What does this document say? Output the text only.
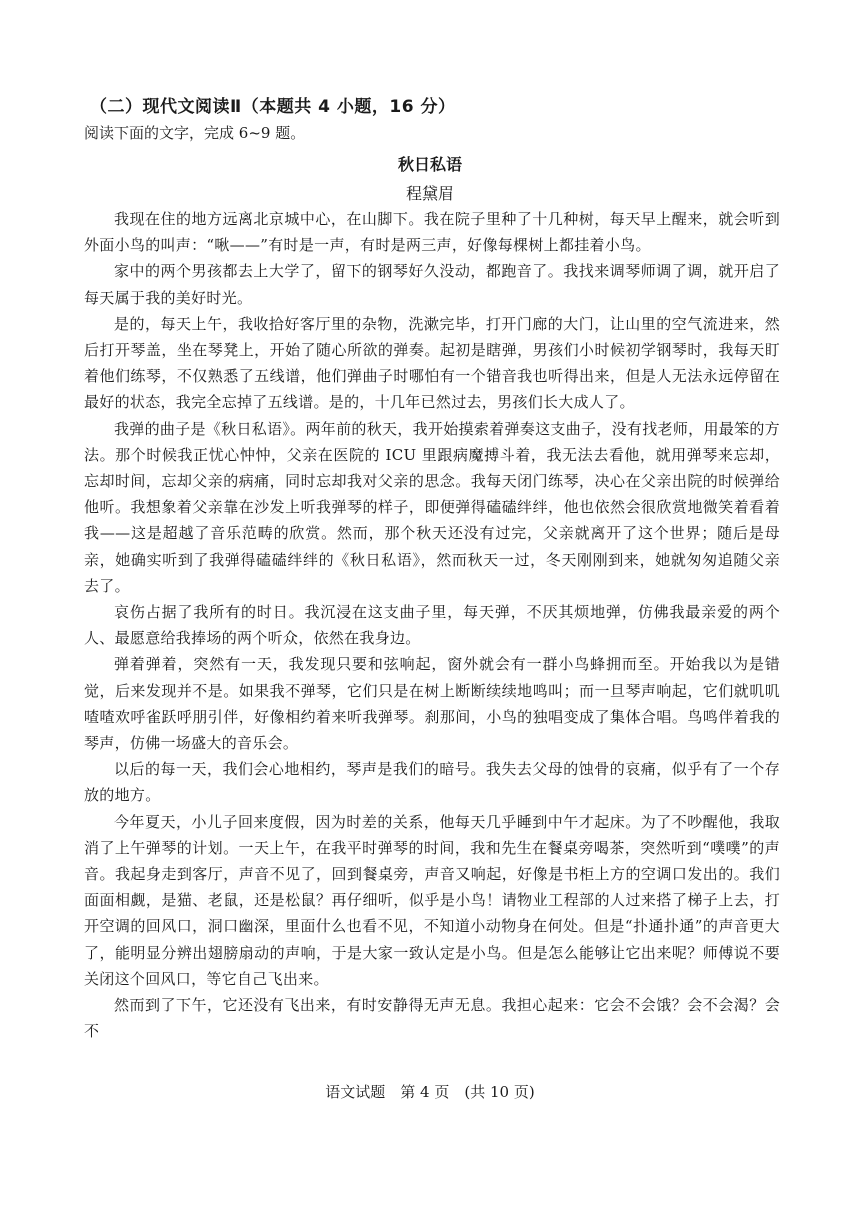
（二）现代文阅读Ⅱ（本题共 4 小题，16 分）
阅读下面的文字，完成 6~9 题。
秋日私语
程黛眉

我现在住的地方远离北京城中心，在山脚下。我在院子里种了十几种树，每天早上醒来，就会听到外面小鸟的叫声：“啾——”有时是一声，有时是两三声，好像每棵树上都挂着小鸟。

家中的两个男孩都去上大学了，留下的钢琴好久没动，都跑音了。我找来调琴师调了调，就开启了每天属于我的美好时光。

是的，每天上午，我收拾好客厅里的杂物，洗漱完毕，打开门廊的大门，让山里的空气流进来，然后打开琴盖，坐在琴凳上，开始了随心所欲的弹奏。起初是瞎弹，男孩们小时候初学钢琴时，我每天盯着他们练琴，不仅熟悉了五线谱，他们弹曲子时哪怕有一个错音我也听得出来，但是人无法永远停留在最好的状态，我完全忘掉了五线谱。是的，十几年已然过去，男孩们长大成人了。

我弹的曲子是《秋日私语》。两年前的秋天，我开始摸索着弹奏这支曲子，没有找老师，用最笨的方法。那个时候我正忧心忡忡，父亲在医院的 ICU 里跟病魔搏斗着，我无法去看他，就用弹琴来忘却，忘却时间，忘却父亲的病痛，同时忘却我对父亲的思念。我每天闭门练琴，决心在父亲出院的时候弹给他听。我想象着父亲靠在沙发上听我弹琴的样子，即便弹得磕磕绊绊，他也依然会很欣赏地微笑着看着我——这是超越了音乐范畴的欣赏。然而，那个秋天还没有过完，父亲就离开了这个世界；随后是母亲，她确实听到了我弹得磕磕绊绊的《秋日私语》，然而秋天一过，冬天刚刚到来，她就匆匆追随父亲去了。

哀伤占据了我所有的时日。我沉浸在这支曲子里，每天弹，不厌其烦地弹，仿佛我最亲爱的两个人、最愿意给我捧场的两个听众，依然在我身边。

弹着弹着，突然有一天，我发现只要和弦响起，窗外就会有一群小鸟蜂拥而至。开始我以为是错觉，后来发现并不是。如果我不弹琴，它们只是在树上断断续续地鸣叫；而一旦琴声响起，它们就叽叽喳喳欢呼雀跃呼朋引伴，好像相约着来听我弹琴。刹那间，小鸟的独唱变成了集体合唱。鸟鸣伴着我的琴声，仿佛一场盛大的音乐会。

以后的每一天，我们会心地相约，琴声是我们的暗号。我失去父母的蚀骨的哀痛，似乎有了一个存放的地方。

今年夏天，小儿子回来度假，因为时差的关系，他每天几乎睡到中午才起床。为了不吵醒他，我取消了上午弹琴的计划。一天上午，在我平时弹琴的时间，我和先生在餐桌旁喝茶，突然听到“噗噗”的声音。我起身走到客厅，声音不见了，回到餐桌旁，声音又响起，好像是书柜上方的空调口发出的。我们面面相觑，是猫、老鼠，还是松鼠？再仔细听，似乎是小鸟！请物业工程部的人过来搭了梯子上去，打开空调的回风口，洞口幽深，里面什么也看不见，不知道小动物身在何处。但是“扑通扑通”的声音更大了，能明显分辨出翅膀扇动的声响，于是大家一致认定是小鸟。但是怎么能够让它出来呢？师傅说不要关闭这个回风口，等它自己飞出来。

然而到了下午，它还没有飞出来，有时安静得无声无息。我担心起来：它会不会饿？会不会渴？会不

语文试题　第 4 页　(共 10 页)
